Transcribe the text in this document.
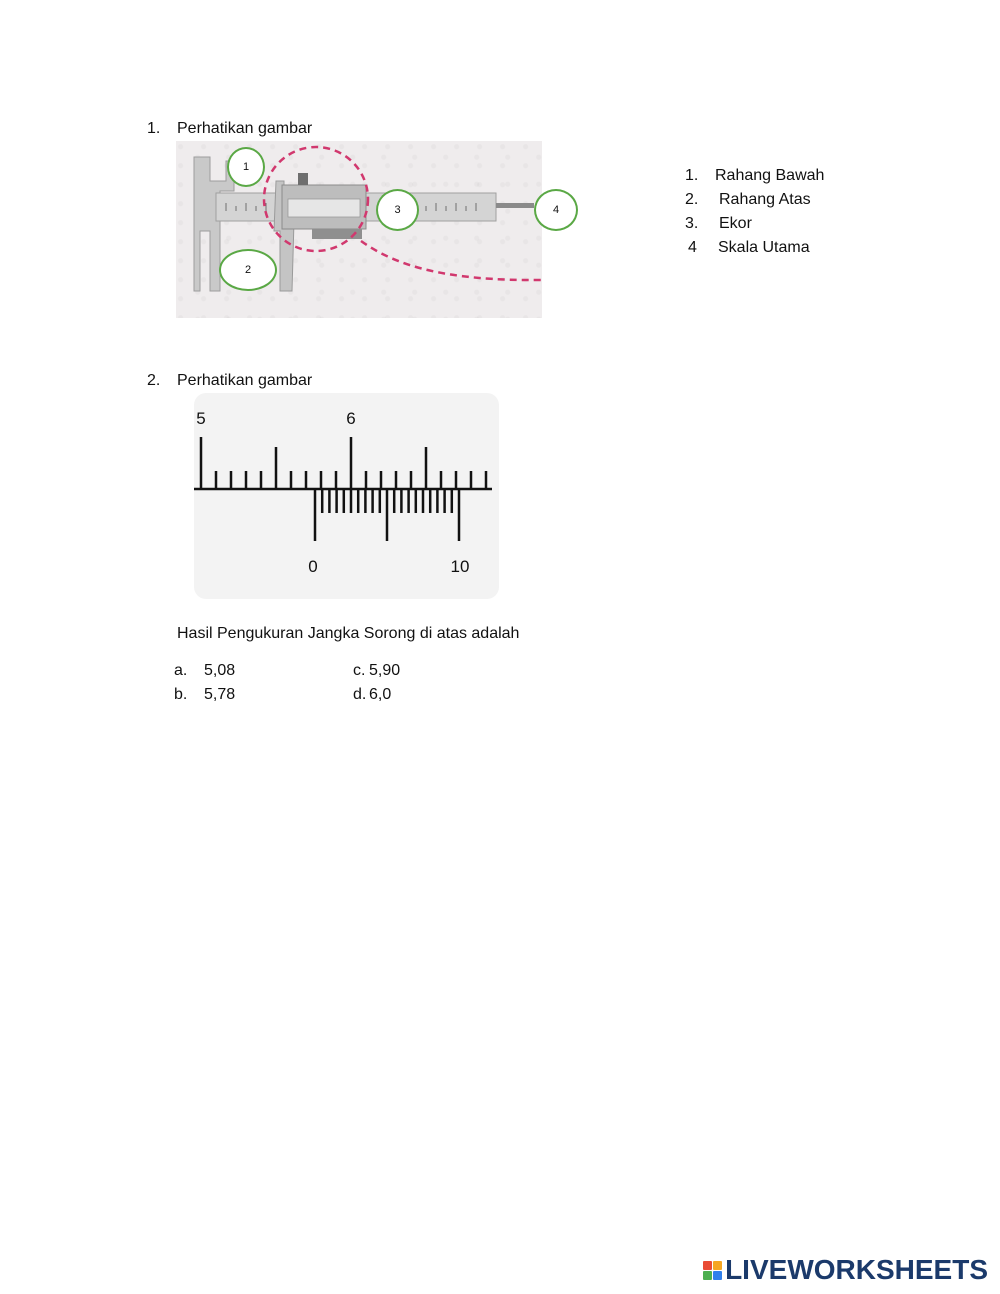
1.	Perhatikan gambar
1
2
3	4
1. Rahang Bawah
2. Rahang Atas
3. Ekor
4 Skala Utama
2.	Perhatikan gambar
5	6
0	10
Hasil Pengukuran Jangka Sorong di atas adalah
a. 5,08	c. 5,90
b. 5,78	d. 6,0
LIVEWORKSHEETS
